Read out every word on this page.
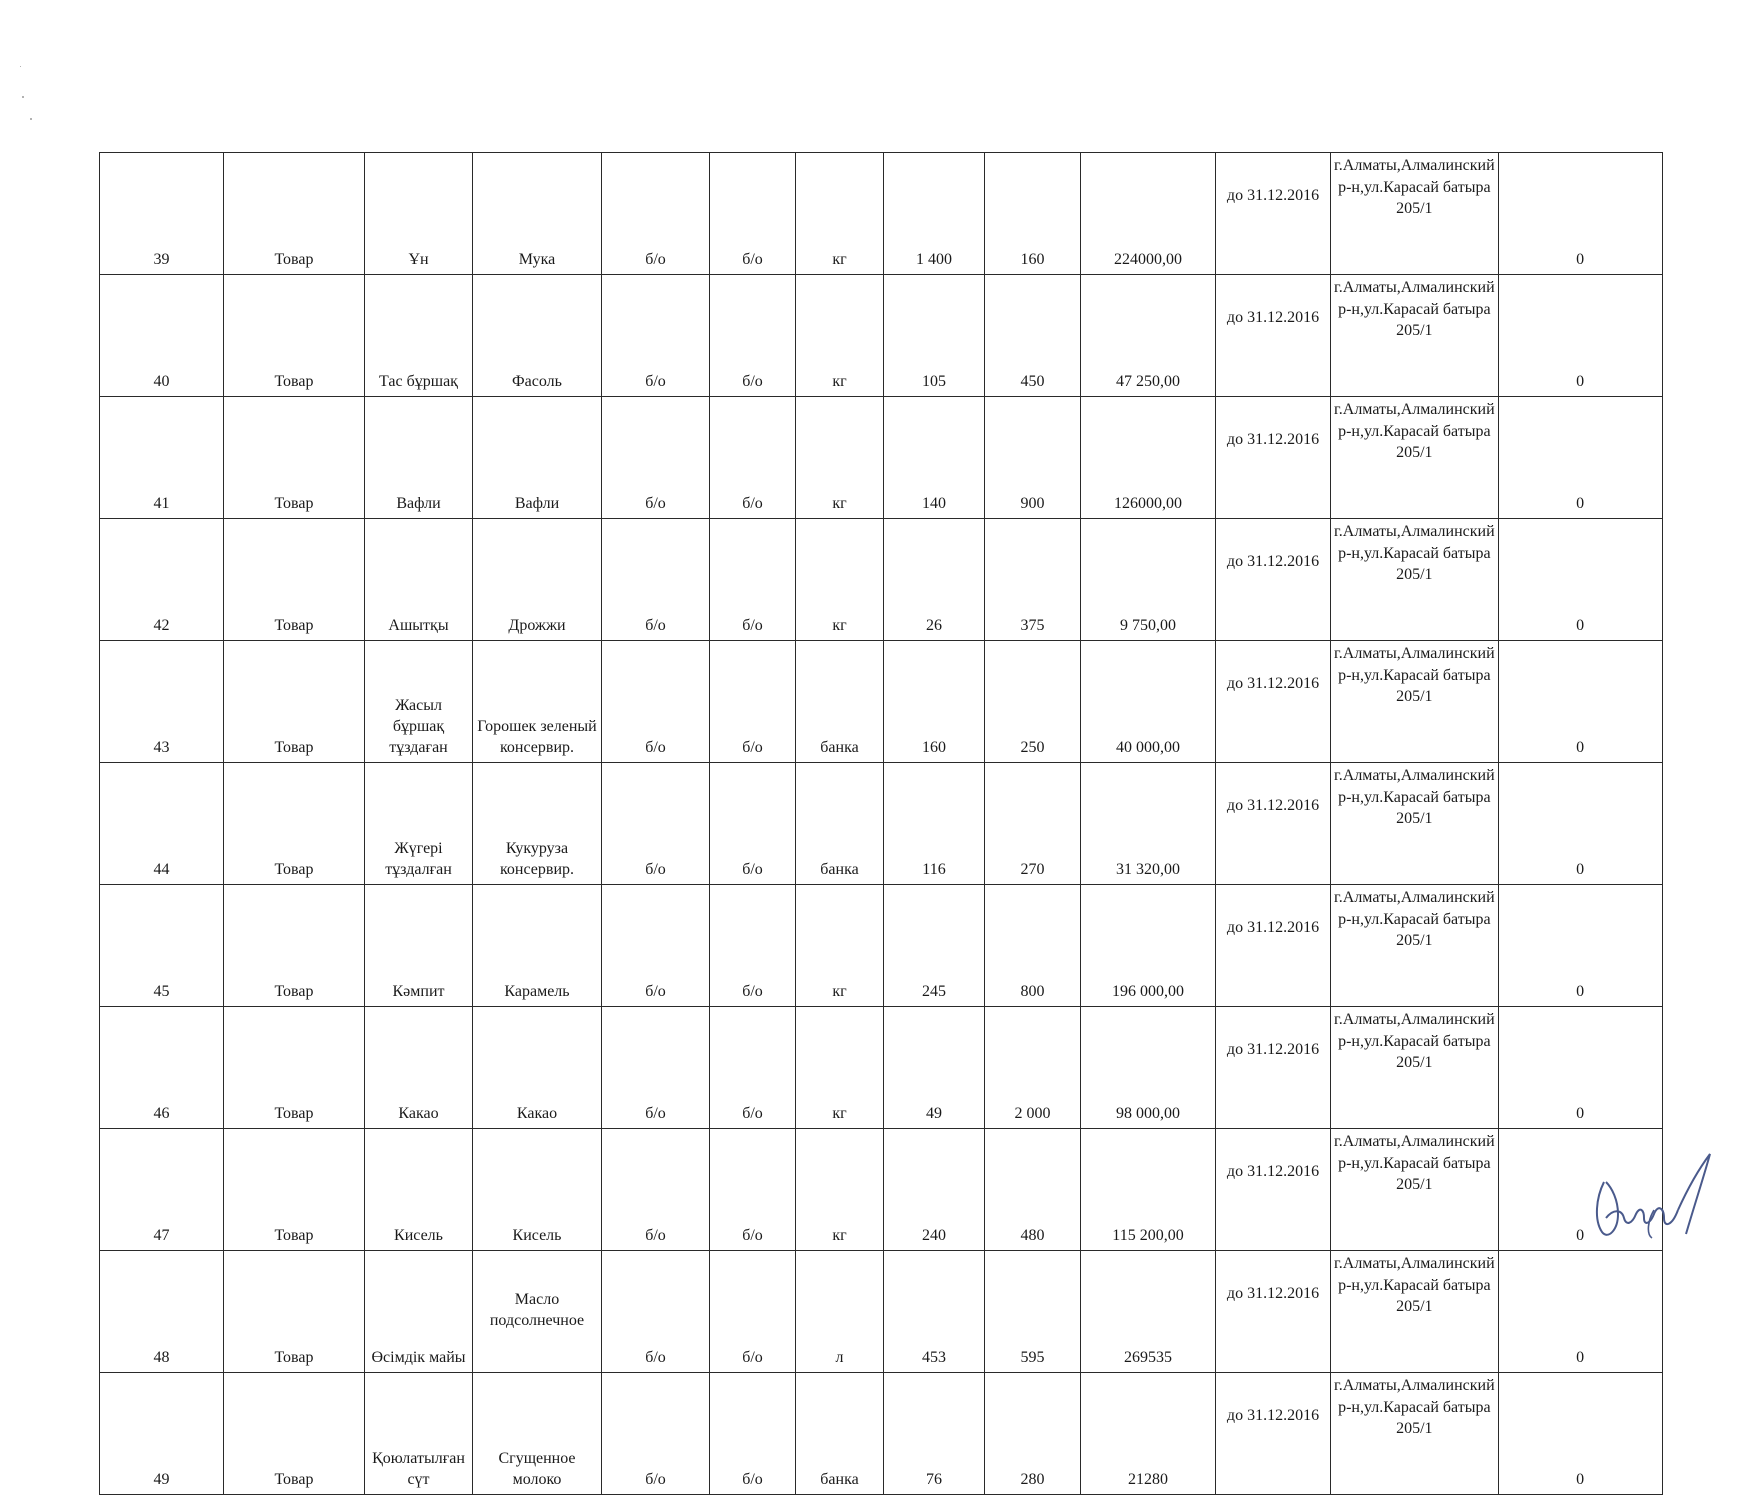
39	Товар	Ұн	Мука	б/о	б/о	кг	1 400	160	224000,00	до 31.12.2016	г.Алматы,Алмалинский р-н,ул.Карасай батыра 205/1	0
40	Товар	Тас бұршақ	Фасоль	б/о	б/о	кг	105	450	47 250,00	до 31.12.2016	г.Алматы,Алмалинский р-н,ул.Карасай батыра 205/1	0
41	Товар	Вафли	Вафли	б/о	б/о	кг	140	900	126000,00	до 31.12.2016	г.Алматы,Алмалинский р-н,ул.Карасай батыра 205/1	0
42	Товар	Ашытқы	Дрожжи	б/о	б/о	кг	26	375	9 750,00	до 31.12.2016	г.Алматы,Алмалинский р-н,ул.Карасай батыра 205/1	0
43	Товар	Жасыл бұршақ тұздаған	Горошек зеленый консервир.	б/о	б/о	банка	160	250	40 000,00	до 31.12.2016	г.Алматы,Алмалинский р-н,ул.Карасай батыра 205/1	0
44	Товар	Жүгері тұздалған	Кукуруза консервир.	б/о	б/о	банка	116	270	31 320,00	до 31.12.2016	г.Алматы,Алмалинский р-н,ул.Карасай батыра 205/1	0
45	Товар	Кәмпит	Карамель	б/о	б/о	кг	245	800	196 000,00	до 31.12.2016	г.Алматы,Алмалинский р-н,ул.Карасай батыра 205/1	0
46	Товар	Какао	Какао	б/о	б/о	кг	49	2 000	98 000,00	до 31.12.2016	г.Алматы,Алмалинский р-н,ул.Карасай батыра 205/1	0
47	Товар	Кисель	Кисель	б/о	б/о	кг	240	480	115 200,00	до 31.12.2016	г.Алматы,Алмалинский р-н,ул.Карасай батыра 205/1	0
48	Товар	Өсімдік майы	Масло подсолнечное	б/о	б/о	л	453	595	269535	до 31.12.2016	г.Алматы,Алмалинский р-н,ул.Карасай батыра 205/1	0
49	Товар	Қоюлатылған сүт	Сгущенное молоко	б/о	б/о	банка	76	280	21280	до 31.12.2016	г.Алматы,Алмалинский р-н,ул.Карасай батыра 205/1	0
